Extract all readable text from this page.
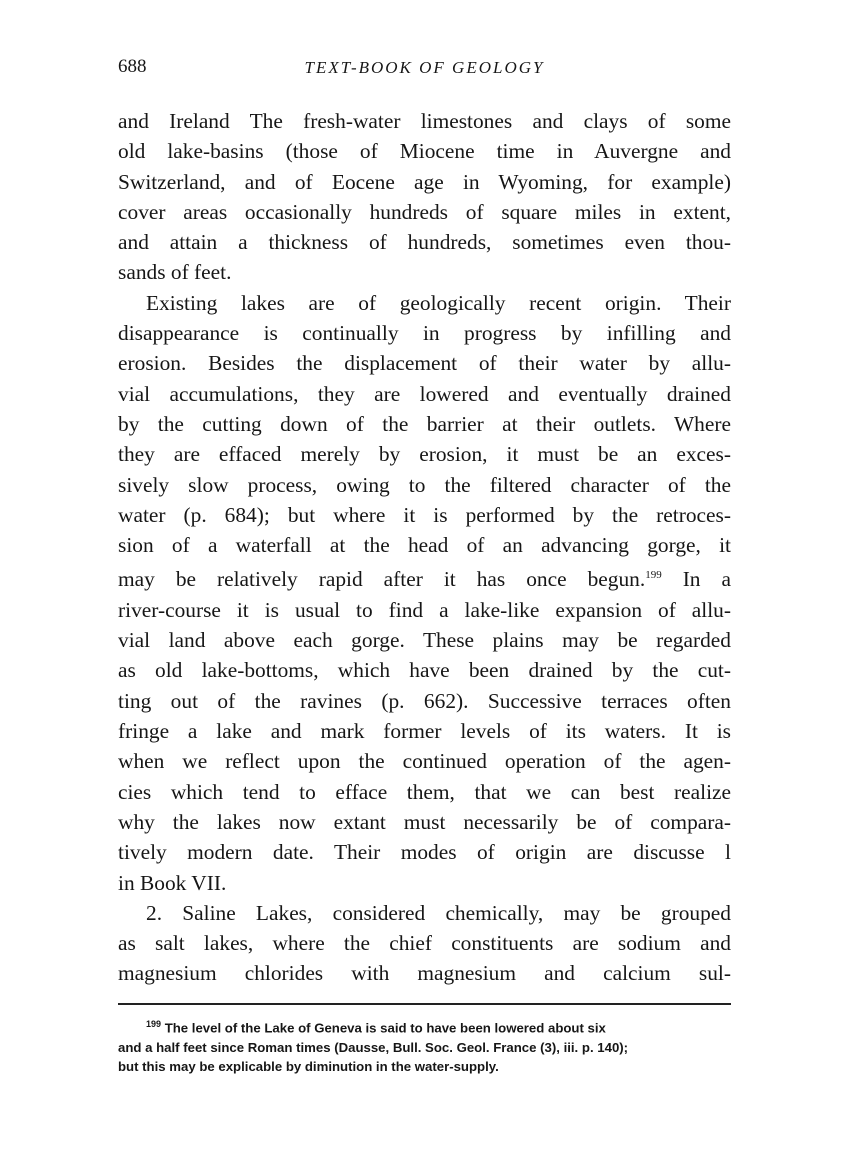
688	TEXT-BOOK OF GEOLOGY

and Ireland The fresh-water limestones and clays of some
old lake-basins (those of Miocene time in Auvergne and
Switzerland, and of Eocene age in Wyoming, for example)
cover areas occasionally hundreds of square miles in extent,
and attain a thickness of hundreds, sometimes even thou-
sands of feet.

Existing lakes are of geologically recent origin. Their
disappearance is continually in progress by infilling and
erosion. Besides the displacement of their water by allu-
vial accumulations, they are lowered and eventually drained
by the cutting down of the barrier at their outlets. Where
they are effaced merely by erosion, it must be an exces-
sively slow process, owing to the filtered character of the
water (p. 684); but where it is performed by the retroces-
sion of a waterfall at the head of an advancing gorge, it
may be relatively rapid after it has once begun.$^{199}$ In a
river-course it is usual to find a lake-like expansion of allu-
vial land above each gorge. These plains may be regarded
as old lake-bottoms, which have been drained by the cut-
ting out of the ravines (p. 662). Successive terraces often
fringe a lake and mark former levels of its waters. It is
when we reflect upon the continued operation of the agen-
cies which tend to efface them, that we can best realize
why the lakes now extant must necessarily be of compara-
tively modern date. Their modes of origin are discusse l
in Book VII.

2. Saline Lakes, considered chemically, may be grouped
as salt lakes, where the chief constituents are sodium and
magnesium chlorides with magnesium and calcium sul-

$^{199}$ The level of the Lake of Geneva is said to have been lowered about six
and a half feet since Roman times (Dausse, Bull. Soc. Geol. France (3), iii. p. 140);
but this may be explicable by diminution in the water-supply.
